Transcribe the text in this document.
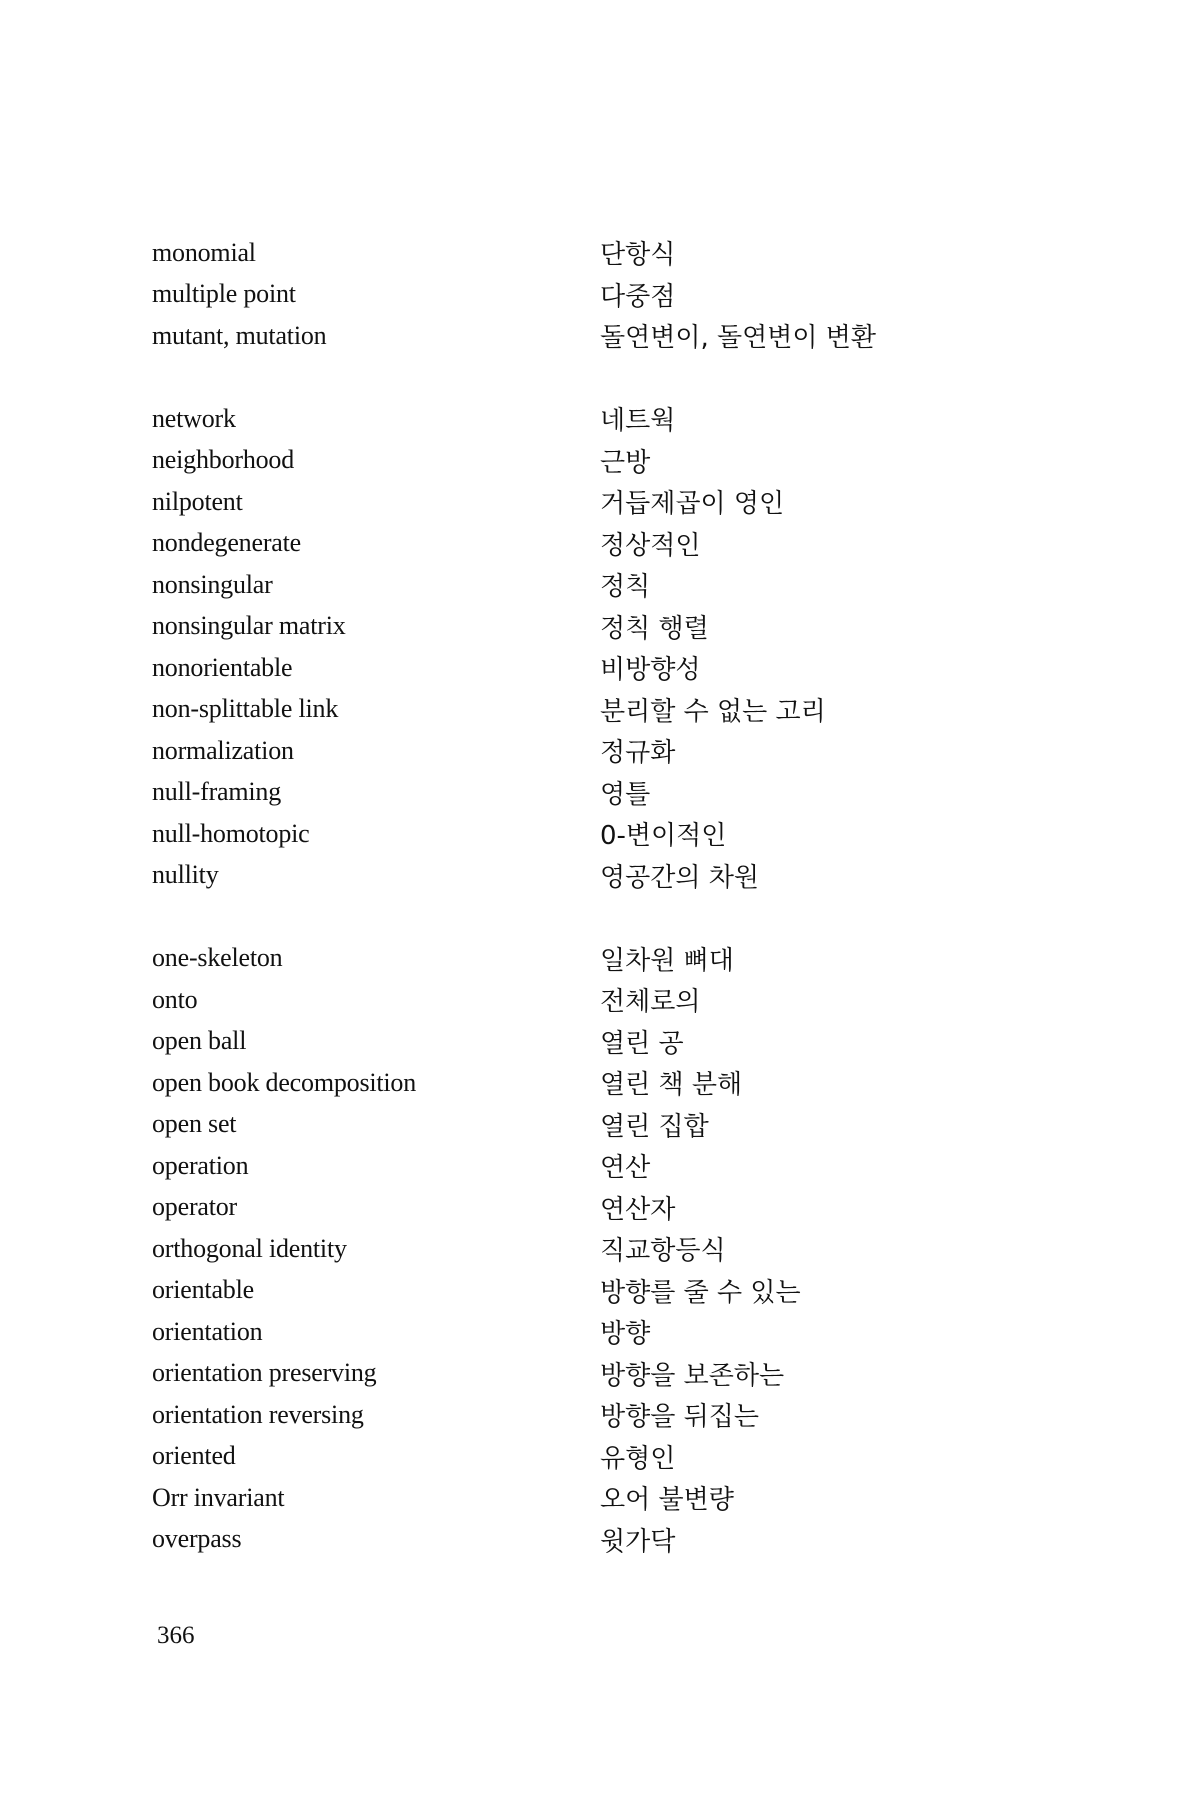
monomial	단항식
multiple point	다중점
mutant, mutation	돌연변이, 돌연변이 변환
network	네트웍
neighborhood	근방
nilpotent	거듭제곱이 영인
nondegenerate	정상적인
nonsingular	정칙
nonsingular matrix	정칙 행렬
nonorientable	비방향성
non-splittable link	분리할 수 없는 고리
normalization	정규화
null-framing	영틀
null-homotopic	0-변이적인
nullity	영공간의 차원
one-skeleton	일차원 뼈대
onto	전체로의
open ball	열린 공
open book decomposition	열린 책 분해
open set	열린 집합
operation	연산
operator	연산자
orthogonal identity	직교항등식
orientable	방향를 줄 수 있는
orientation	방향
orientation preserving	방향을 보존하는
orientation reversing	방향을 뒤집는
oriented	유형인
Orr invariant	오어 불변량
overpass	윗가닥
366
